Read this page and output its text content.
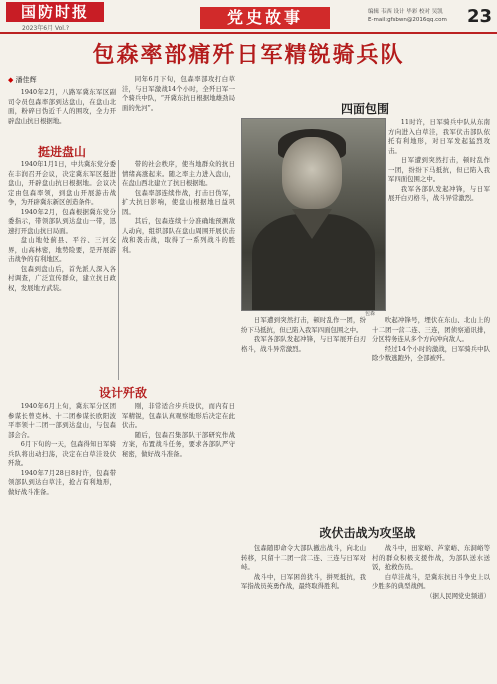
国防时报
2023年6月 Vol.?
党史故事	编辑 韦西 设计 毕彩 校对 吴凯
E-mail:gfsbwn@2016qq.com 23
包森率部痛歼日军精锐骑兵队
◆ 潘佳辉

1940年2月，八路军冀东军区副司令员包森率部到达盘山，在盘山北面，粉碎日伪近千人的围攻，全力开辟盘山抗日根据地。

挺进盘山

1940年1月1日，中共冀东党分委在丰润召开会议，决定冀东军区挺进盘山，开辟盘山抗日根据地。会议决定由包森率领，到盘山开展游击战争，为开辟冀东新区创造条件。

1940年2月，包森根据冀东党分委指示，带领部队到达盘山一带，迅速打开盘山抗日局面。

盘山地处蓟县、平谷、三河交界，山高林密，地势险要，是开展游击战争的有利地区。

包森到盘山后，首先派人深入各村调查，广泛宣传群众，建立抗日政权，发展地方武装。

设计歼敌

1940年6月上旬，冀东军分区团参谋长曾克林、十二团参谋长欧阳波平率领十二团一部到达盘山，与包森部会合。

6月下旬的一天，包森得知日军骑兵队将出动扫荡，决定在白草洼设伏歼敌。

1940年7月28日8时许，包森带领部队到达白草洼，抢占有利地形，做好战斗准备。

同年6月下旬，包森率部攻打白草洼，与日军激战14个小时，全歼日军一个骑兵中队，“开冀东抗日根据地雄劲局面的先河”。

带的社会秩序，使当地群众的抗日情绪高涨起来。随之率主力进入盘山，在盘山西北建立了抗日根据地。

包森率部连续作战，打击日伪军，扩大抗日影响，使盘山根据地日益巩固。

其后，包森连续十分准确地预测敌人动向，组织部队在盘山周围开展伏击战和袭击战，取得了一系列战斗的胜利。

刚，非常适合步兵设伏，而内有日军精锐，包森认真观察地形后决定在此伏击。

随后，包森召集部队干部研究作战方案，布置战斗任务，要求各部队严守秘密，做好战斗准备。

四面包围
包森

11时许，日军骑兵中队从东南方向进入白草洼，我军伏击部队依托有利地形，对日军发起猛烈攻击。

日军遭到突然打击，顿时乱作一团，纷纷下马抵抗，但已陷入我军四面包围之中。

我军各部队发起冲锋，与日军展开白刃格斗，战斗异常激烈。

日军遭到突然打击，顿时乱作一团，纷纷下马抵抗，但已陷入我军四面包围之中。

我军各部队发起冲锋，与日军展开白刃格斗，战斗异常激烈。

吹起冲锋号，埋伏在东山、北山上的十二团一营二连、三连，团侦察通讯排，分区特务连从多个方向冲向敌人。

经过14个小时的激战，日军骑兵中队除少数逃跑外，全部被歼。

改伏击战为攻坚战

包森随即命令大部队撤出战斗，向北山转移，只留十二团一营二连、三连与日军对峙。

战斗中，日军困兽犹斗，拼死抵抗，我军指战员英勇作战，最终取得胜利。

战斗中，田家峪、芦家峪、东洞峪等村的群众积极支援作战，为部队送水送饭，抢救伤员。

白草洼战斗，是冀东抗日斗争史上以少胜多的典型战例。

（据人民网党史频道）
